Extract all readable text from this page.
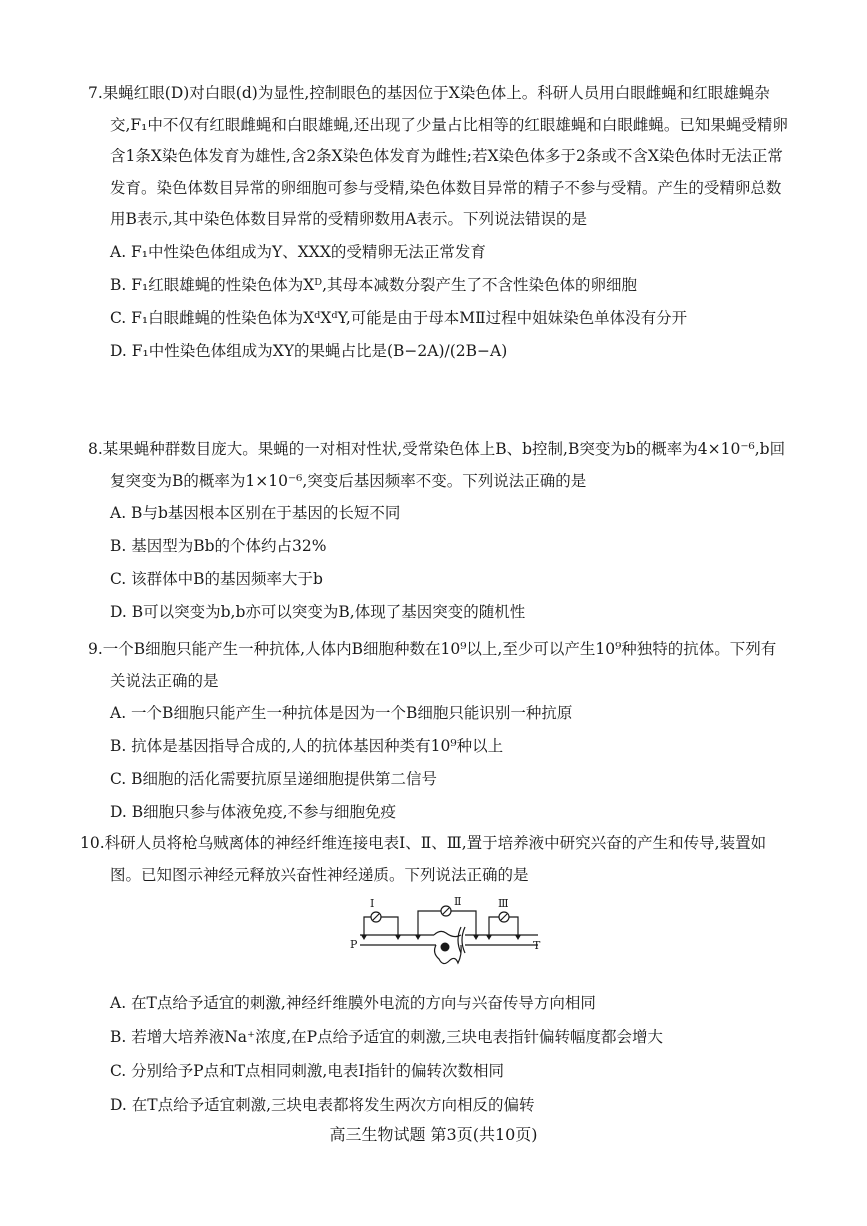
7.果蝇红眼(D)对白眼(d)为显性,控制眼色的基因位于X染色体上。科研人员用白眼雌蝇和红眼雄蝇杂交,F₁中不仅有红眼雌蝇和白眼雄蝇,还出现了少量占比相等的红眼雄蝇和白眼雌蝇。已知果蝇受精卵含1条X染色体发育为雄性,含2条X染色体发育为雌性;若X染色体多于2条或不含X染色体时无法正常发育。染色体数目异常的卵细胞可参与受精,染色体数目异常的精子不参与受精。产生的受精卵总数用B表示,其中染色体数目异常的受精卵数用A表示。下列说法错误的是

A. F₁中性染色体组成为Y、XXX的受精卵无法正常发育

B. F₁红眼雄蝇的性染色体为Xᴰ,其母本减数分裂产生了不含性染色体的卵细胞

C. F₁白眼雌蝇的性染色体为XᵈXᵈY,可能是由于母本MⅡ过程中姐妹染色单体没有分开

D. F₁中性染色体组成为XY的果蝇占比是(B−2A)/(2B−A)

8.某果蝇种群数目庞大。果蝇的一对相对性状,受常染色体上B、b控制,B突变为b的概率为4×10⁻⁶,b回复突变为B的概率为1×10⁻⁶,突变后基因频率不变。下列说法正确的是

A. B与b基因根本区别在于基因的长短不同

B. 基因型为Bb的个体约占32%

C. 该群体中B的基因频率大于b

D. B可以突变为b,b亦可以突变为B,体现了基因突变的随机性

9.一个B细胞只能产生一种抗体,人体内B细胞种数在10⁹以上,至少可以产生10⁹种独特的抗体。下列有关说法正确的是

A. 一个B细胞只能产生一种抗体是因为一个B细胞只能识别一种抗原

B. 抗体是基因指导合成的,人的抗体基因种类有10⁹种以上

C. B细胞的活化需要抗原呈递细胞提供第二信号

D. B细胞只参与体液免疫,不参与细胞免疫

10.科研人员将枪乌贼离体的神经纤维连接电表Ⅰ、Ⅱ、Ⅲ,置于培养液中研究兴奋的产生和传导,装置如图。已知图示神经元释放兴奋性神经递质。下列说法正确的是

A. 在T点给予适宜的刺激,神经纤维膜外电流的方向与兴奋传导方向相同

B. 若增大培养液Na⁺浓度,在P点给予适宜的刺激,三块电表指针偏转幅度都会增大

C. 分别给予P点和T点相同刺激,电表Ⅰ指针的偏转次数相同

D. 在T点给予适宜刺激,三块电表都将发生两次方向相反的偏转

Ⅰ	Ⅱ	Ⅲ
P	T
高三生物试题 第3页(共10页)
